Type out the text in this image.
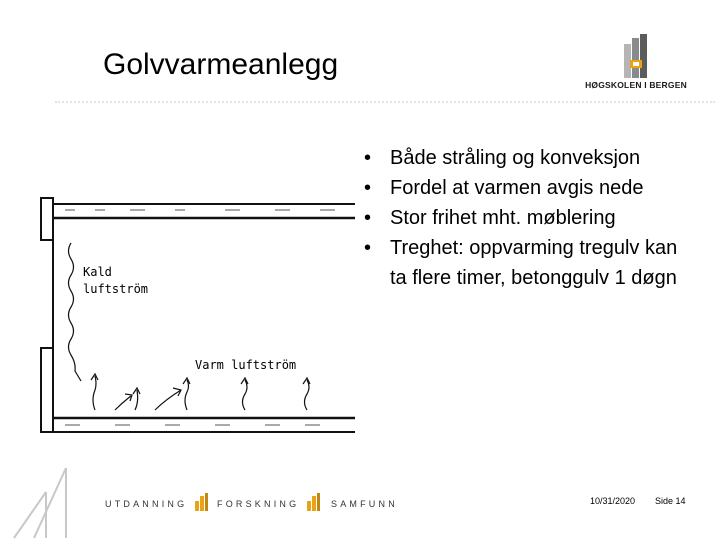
Golvvarmeanlegg
HØGSKOLEN I BERGEN
• Både stråling og konveksjon
• Fordel at varmen avgis nede
• Stor frihet mht. møblering
• Treghet: oppvarming tregulv kan ta flere timer, betonggulv 1 døgn
Kald
luftström
Varm luftström
UTDANNING	FORSKNING	SAMFUNN	10/31/2020 Side 14
